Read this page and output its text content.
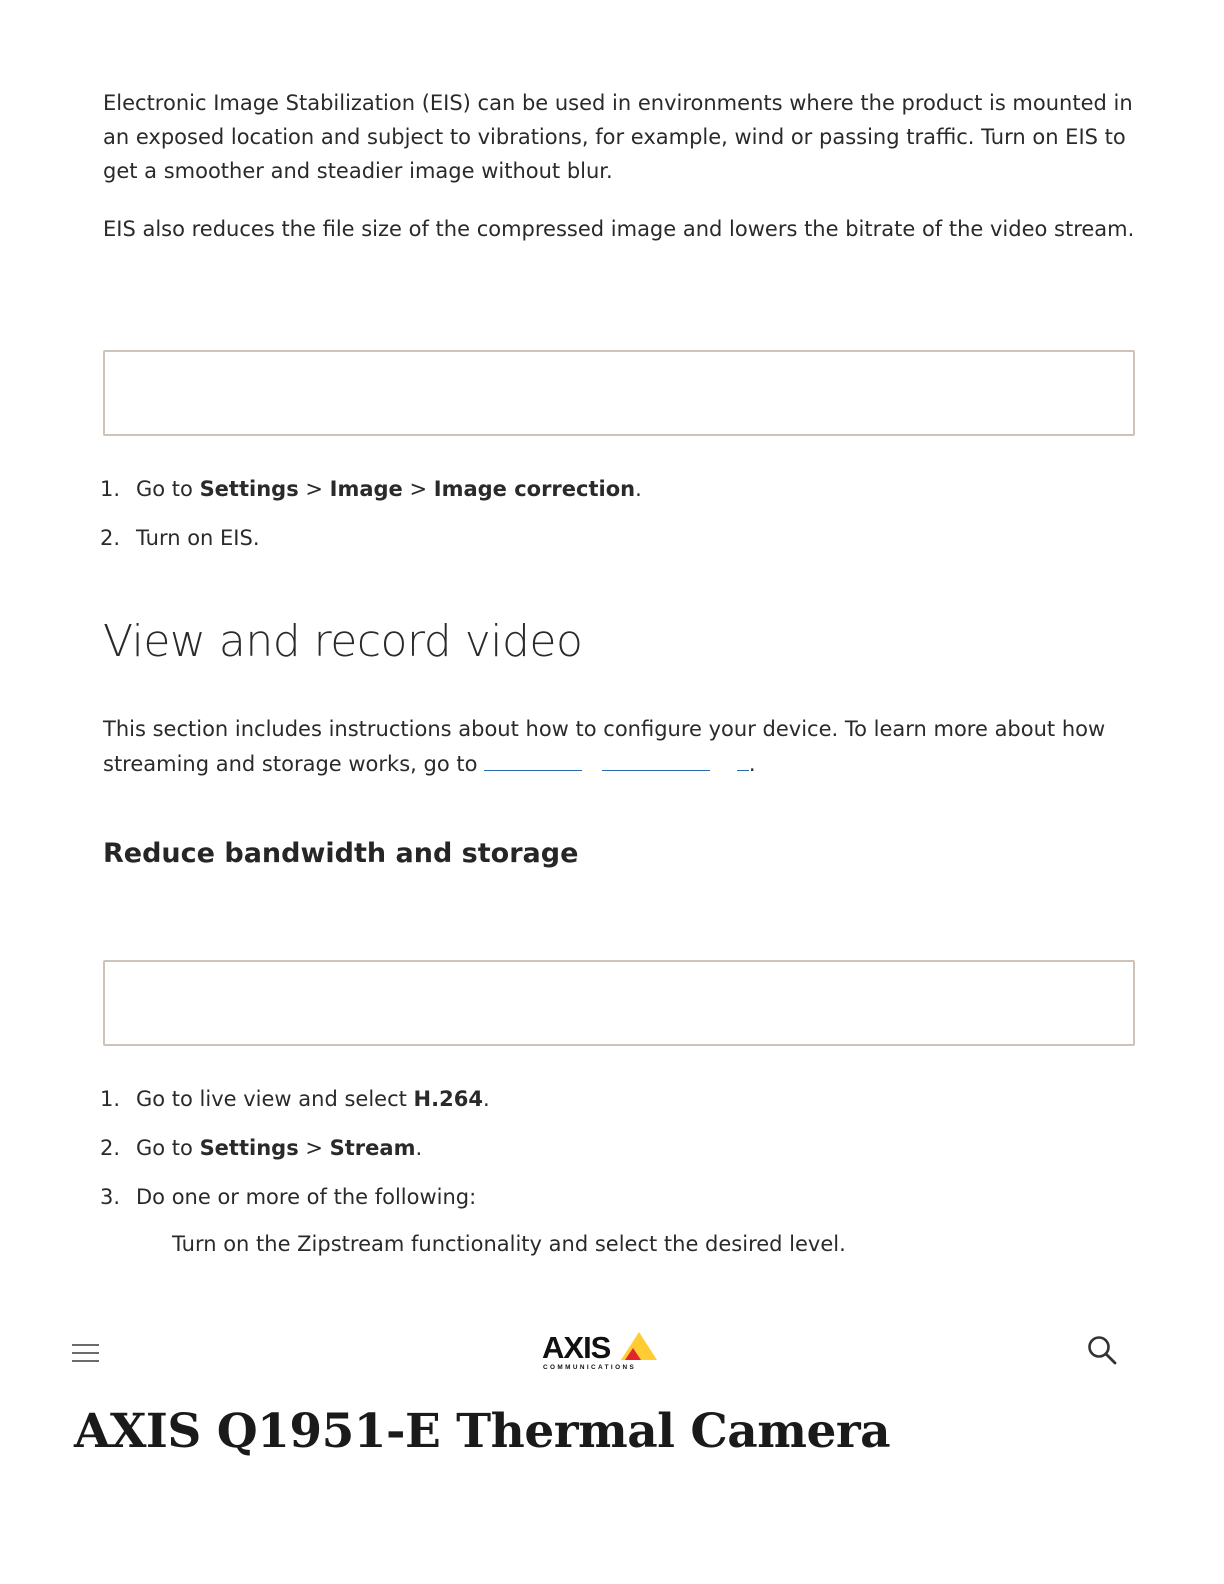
Electronic Image Stabilization (EIS) can be used in environments where the product is mounted in an exposed location and subject to vibrations, for example, wind or passing traffic. Turn on EIS to get a smoother and steadier image without blur.

EIS also reduces the file size of the compressed image and lowers the bitrate of the video stream.

1. Go to Settings > Image > Image correction.
2. Turn on EIS.
View and record video

This section includes instructions about how to configure your device. To learn more about how streaming and storage works, go to	.

Reduce bandwidth and storage
1. Go to live view and select H.264.
2. Go to Settings > Stream.
3. Do one or more of the following:

Turn on the Zipstream functionality and select the desired level.

AXIS
COMMUNICATIONS
AXIS Q1951-E Thermal Camera
